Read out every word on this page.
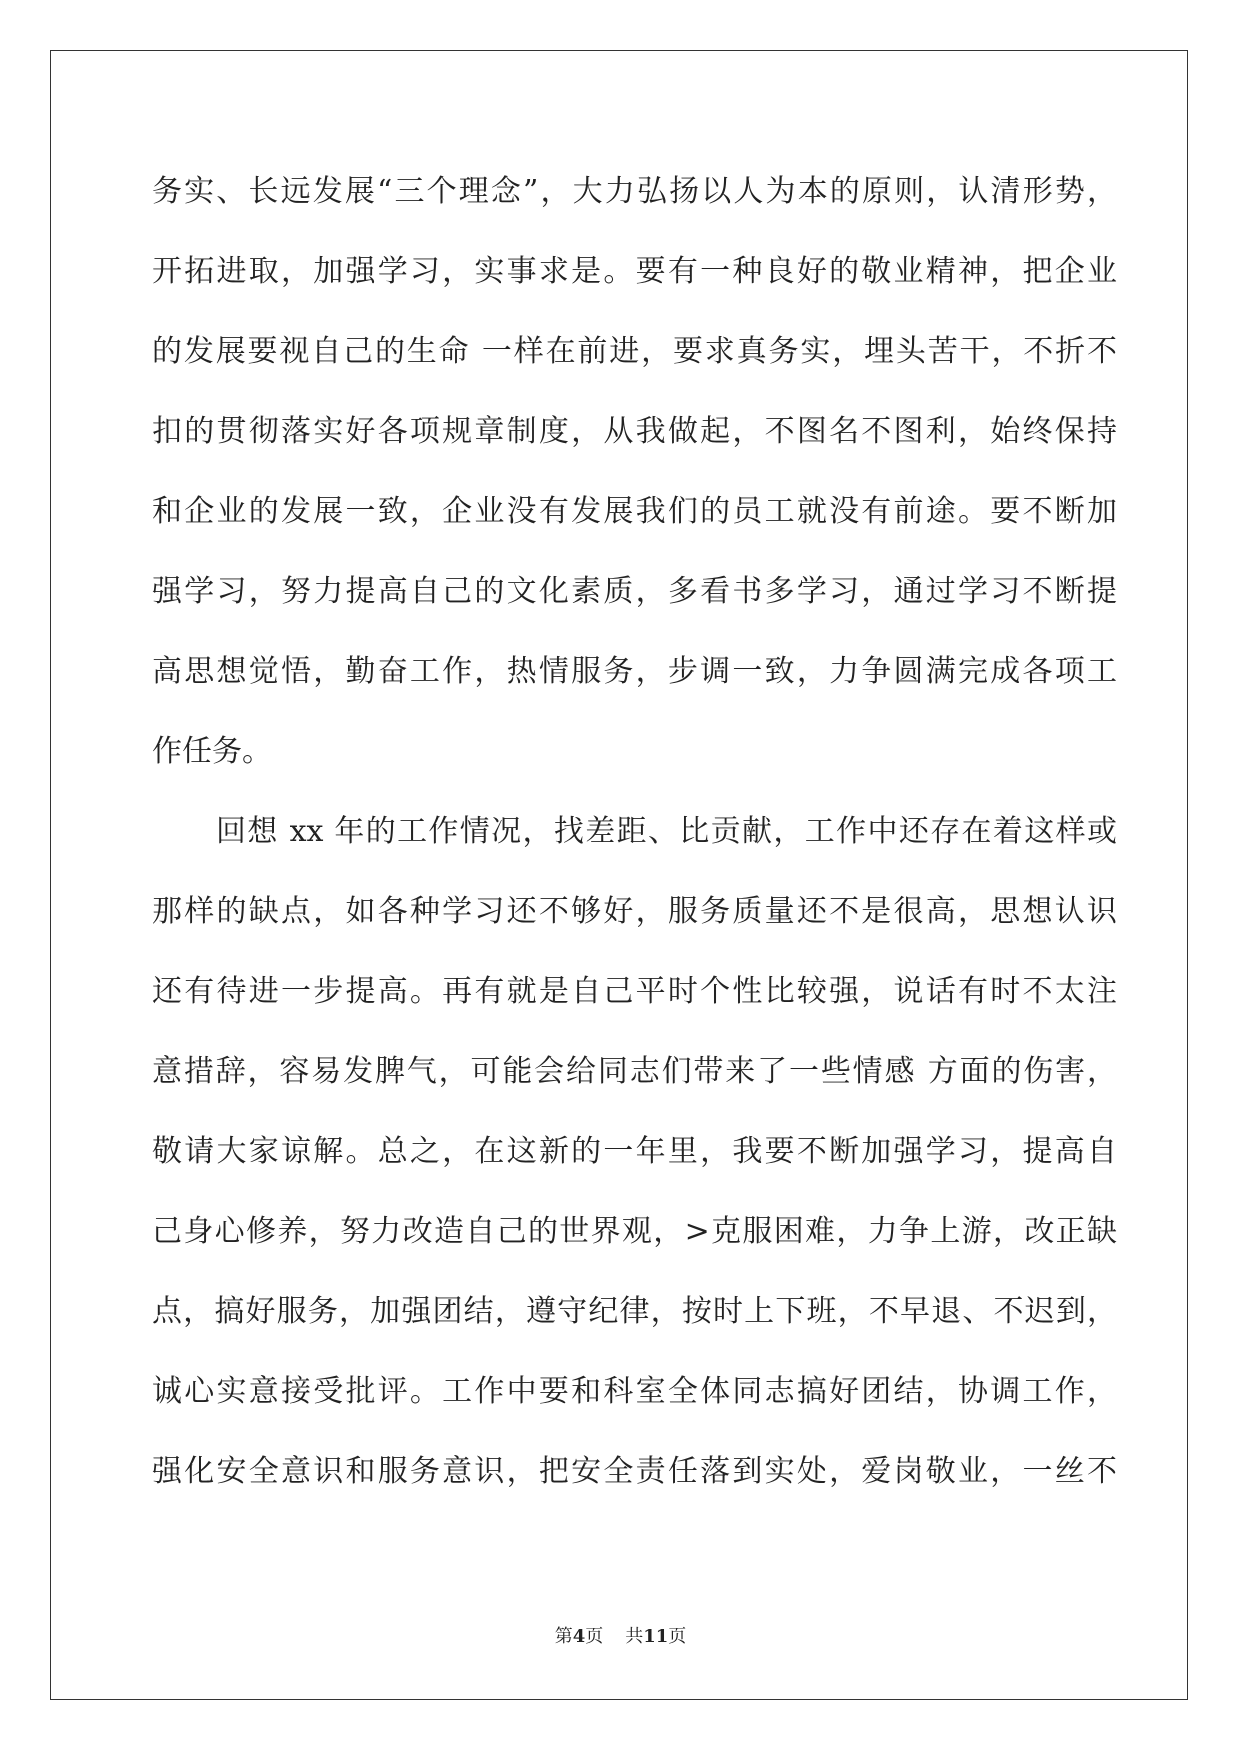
务实、长远发展“三个理念”，大力弘扬以人为本的原则，认清形势，
开拓进取，加强学习，实事求是。要有一种良好的敬业精神，把企业
的发展要视自己的生命 一样在前进，要求真务实，埋头苦干，不折不
扣的贯彻落实好各项规章制度，从我做起，不图名不图利，始终保持
和企业的发展一致，企业没有发展我们的员工就没有前途。要不断加
强学习，努力提高自己的文化素质，多看书多学习，通过学习不断提
高思想觉悟，勤奋工作，热情服务，步调一致，力争圆满完成各项工
作任务。
回想 xx 年的工作情况，找差距、比贡献，工作中还存在着这样或
那样的缺点，如各种学习还不够好，服务质量还不是很高，思想认识
还有待进一步提高。再有就是自己平时个性比较强，说话有时不太注
意措辞，容易发脾气，可能会给同志们带来了一些情感 方面的伤害，
敬请大家谅解。总之，在这新的一年里，我要不断加强学习，提高自
己身心修养，努力改造自己的世界观，>克服困难，力争上游，改正缺
点，搞好服务，加强团结，遵守纪律，按时上下班，不早退、不迟到，
诚心实意接受批评。工作中要和科室全体同志搞好团结，协调工作，
强化安全意识和服务意识，把安全责任落到实处，爱岗敬业，一丝不
第4页 共11页
